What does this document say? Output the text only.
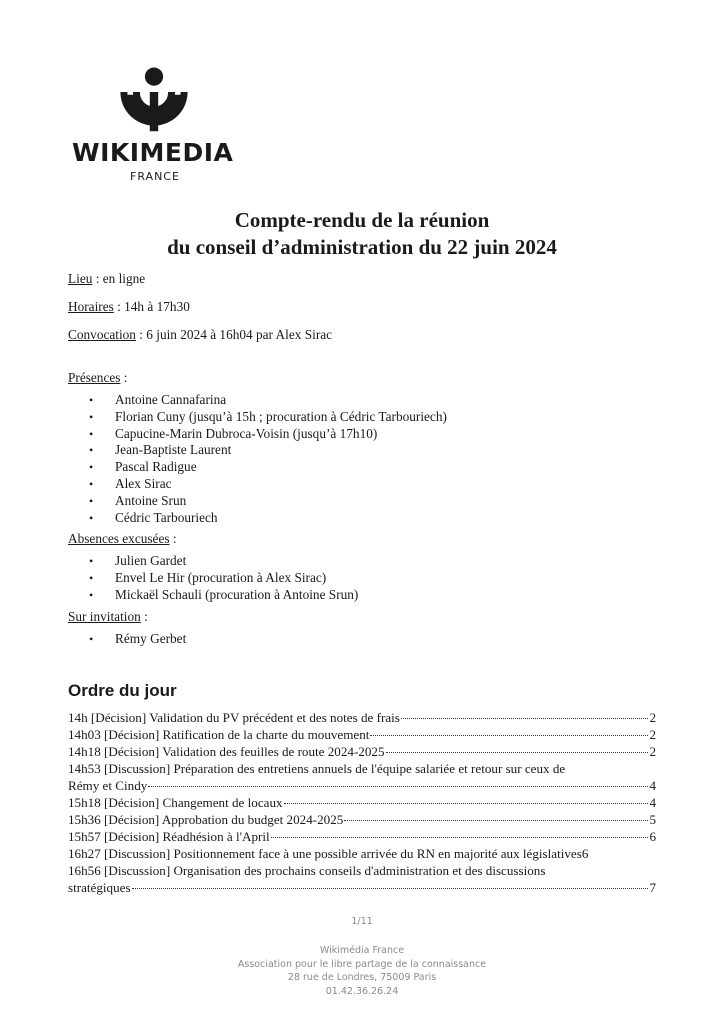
WIKIMEDIA
FRANCE
Compte-rendu de la réunion
du conseil d’administration du 22 juin 2024
Lieu : en ligne
Horaires : 14h à 17h30
Convocation : 6 juin 2024 à 16h04 par Alex Sirac
Présences :
• Antoine Cannafarina
• Florian Cuny (jusqu’à 15h ; procuration à Cédric Tarbouriech)
• Capucine-Marin Dubroca-Voisin (jusqu’à 17h10)
• Jean-Baptiste Laurent
• Pascal Radigue
• Alex Sirac
• Antoine Srun
• Cédric Tarbouriech
Absences excusées :
• Julien Gardet
• Envel Le Hir (procuration à Alex Sirac)
• Mickaël Schauli (procuration à Antoine Srun)
Sur invitation :
• Rémy Gerbet
Ordre du jour
14h [Décision] Validation du PV précédent et des notes de frais	2
14h03 [Décision] Ratification de la charte du mouvement	2
14h18 [Décision] Validation des feuilles de route 2024-2025	2
14h53 [Discussion] Préparation des entretiens annuels de l'équipe salariée et retour sur ceux de
Rémy et Cindy	4
15h18 [Décision] Changement de locaux	4
15h36 [Décision] Approbation du budget 2024-2025	5
15h57 [Décision] Réadhésion à l'April	6
16h27 [Discussion] Positionnement face à une possible arrivée du RN en majorité aux législatives 6
16h56 [Discussion] Organisation des prochains conseils d'administration et des discussions
stratégiques	7
1/11
Wikimédia France
Association pour le libre partage de la connaissance
28 rue de Londres, 75009 Paris
01.42.36.26.24
